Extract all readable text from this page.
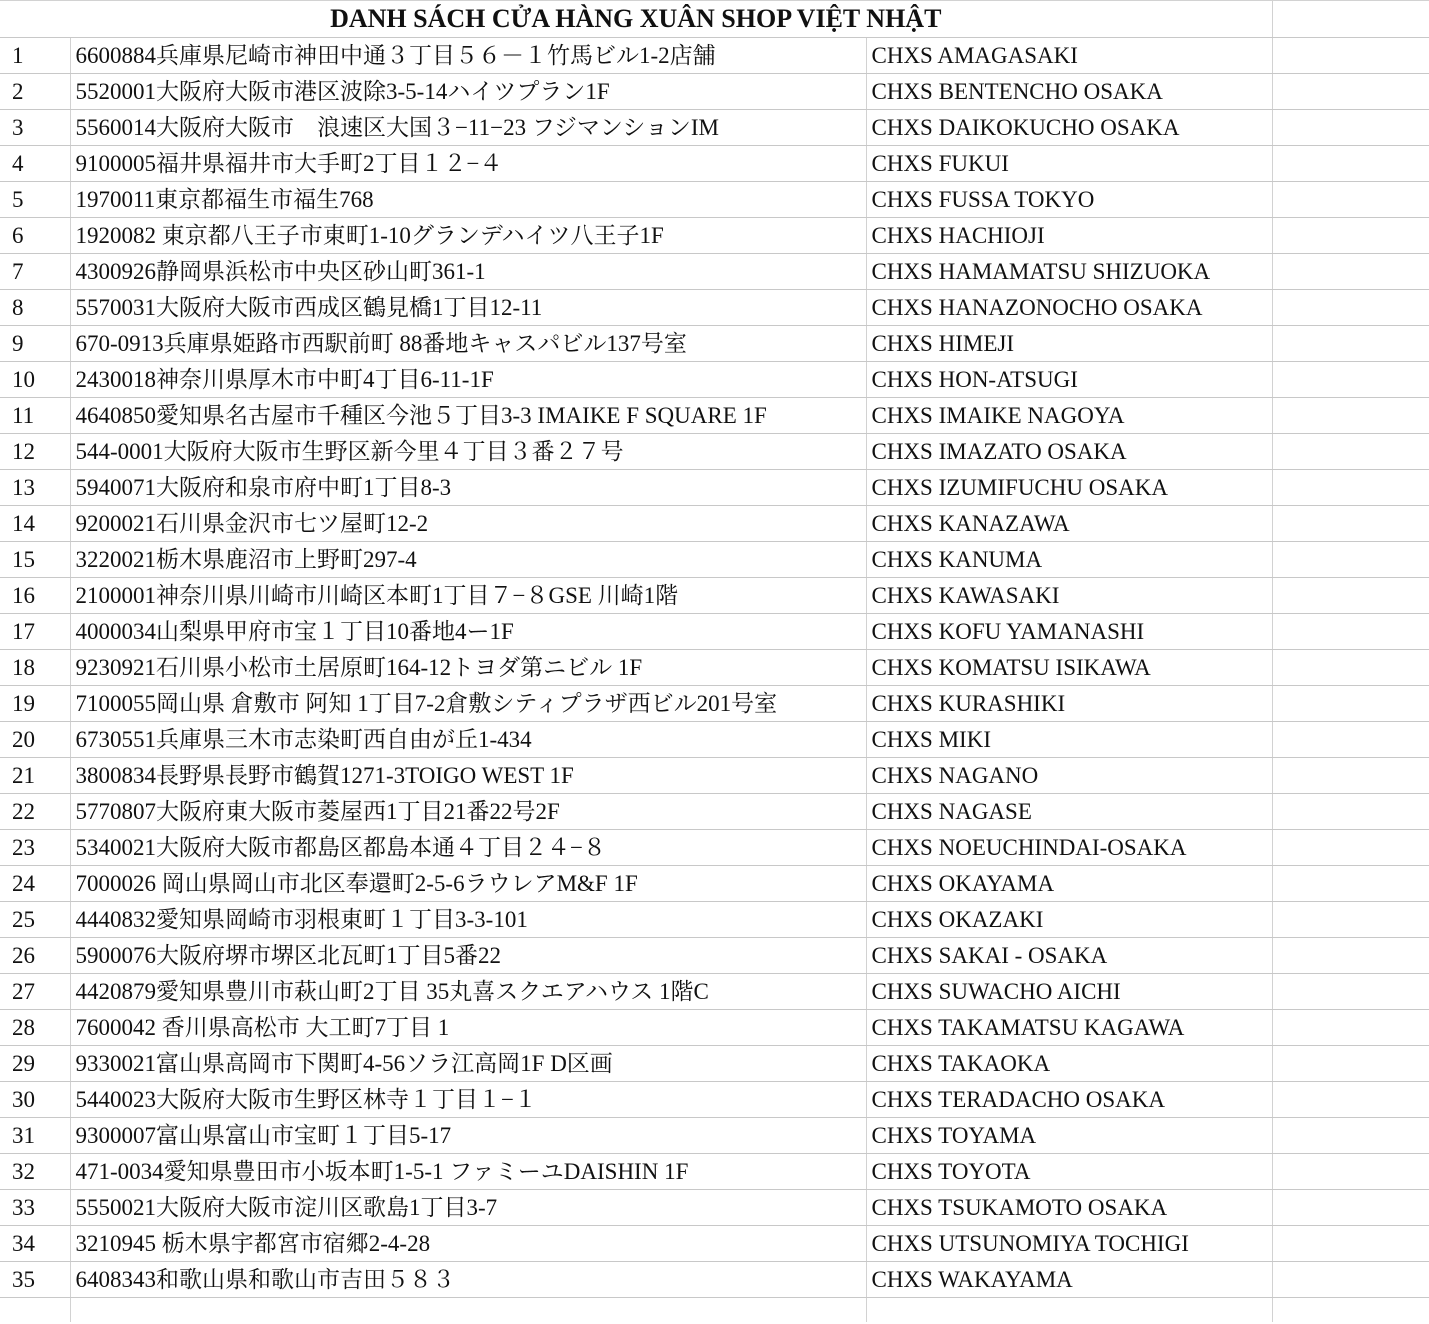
DANH SÁCH CỬA HÀNG XUÂN SHOP VIỆT NHẬT			
1	6600884兵庫県尼崎市神田中通３丁目５６－１竹馬ビル1-2店舗	CHXS AMAGASAKI	
2	5520001大阪府大阪市港区波除3-5-14ハイツプラン1F	CHXS BENTENCHO OSAKA	
3	5560014大阪府大阪市　浪速区大国３−11−23 フジマンションIM	CHXS DAIKOKUCHO OSAKA	
4	9100005福井県福井市大手町2丁目１２−４	CHXS FUKUI	
5	1970011東京都福生市福生768	CHXS FUSSA TOKYO	
6	1920082 東京都八王子市東町1-10グランデハイツ八王子1F	CHXS HACHIOJI	
7	4300926静岡県浜松市中央区砂山町361-1	CHXS HAMAMATSU SHIZUOKA	
8	5570031大阪府大阪市西成区鶴見橋1丁目12-11	CHXS HANAZONOCHO OSAKA	
9	670-0913兵庫県姫路市西駅前町 88番地キャスパビル137号室	CHXS HIMEJI	
10	2430018神奈川県厚木市中町4丁目6-11-1F	CHXS HON-ATSUGI	
11	4640850愛知県名古屋市千種区今池５丁目3-3 IMAIKE F SQUARE 1F	CHXS IMAIKE NAGOYA	
12	544-0001大阪府大阪市生野区新今里４丁目３番２７号	CHXS IMAZATO OSAKA	
13	5940071大阪府和泉市府中町1丁目8-3	CHXS IZUMIFUCHU OSAKA	
14	9200021石川県金沢市七ツ屋町12-2	CHXS KANAZAWA	
15	3220021栃木県鹿沼市上野町297-4	CHXS KANUMA	
16	2100001神奈川県川崎市川崎区本町1丁目７−８GSE 川崎1階	CHXS KAWASAKI	
17	4000034山梨県甲府市宝１丁目10番地4ー1F	CHXS KOFU YAMANASHI	
18	9230921石川県小松市土居原町164-12トヨダ第ニビル 1F	CHXS KOMATSU ISIKAWA	
19	7100055岡山県 倉敷市 阿知 1丁目7-2倉敷シティプラザ西ビル201号室	CHXS KURASHIKI	
20	6730551兵庫県三木市志染町西自由が丘1-434	CHXS MIKI	
21	3800834長野県長野市鶴賀1271-3TOIGO WEST 1F	CHXS NAGANO	
22	5770807大阪府東大阪市菱屋西1丁目21番22号2F	CHXS NAGASE	
23	5340021大阪府大阪市都島区都島本通４丁目２４−８	CHXS NOEUCHINDAI-OSAKA	
24	7000026 岡山県岡山市北区奉還町2-5-6ラウレアM&F 1F	CHXS OKAYAMA	
25	4440832愛知県岡崎市羽根東町１丁目3-3-101	CHXS OKAZAKI	
26	5900076大阪府堺市堺区北瓦町1丁目5番22	CHXS SAKAI - OSAKA	
27	4420879愛知県豊川市萩山町2丁目 35丸喜スクエアハウス 1階C	CHXS SUWACHO AICHI	
28	7600042 香川県高松市 大工町7丁目 1	CHXS TAKAMATSU KAGAWA	
29	9330021富山県高岡市下関町4-56ソラ江高岡1F D区画	CHXS TAKAOKA	
30	5440023大阪府大阪市生野区林寺１丁目１−１	CHXS TERADACHO OSAKA	
31	9300007富山県富山市宝町１丁目5-17	CHXS TOYAMA	
32	471-0034愛知県豊田市小坂本町1-5-1 ファミーユDAISHIN 1F	CHXS TOYOTA	
33	5550021大阪府大阪市淀川区歌島1丁目3-7	CHXS TSUKAMOTO OSAKA	
34	3210945 栃木県宇都宮市宿郷2-4-28	CHXS UTSUNOMIYA TOCHIGI	
35	6408343和歌山県和歌山市吉田５８３	CHXS WAKAYAMA	
